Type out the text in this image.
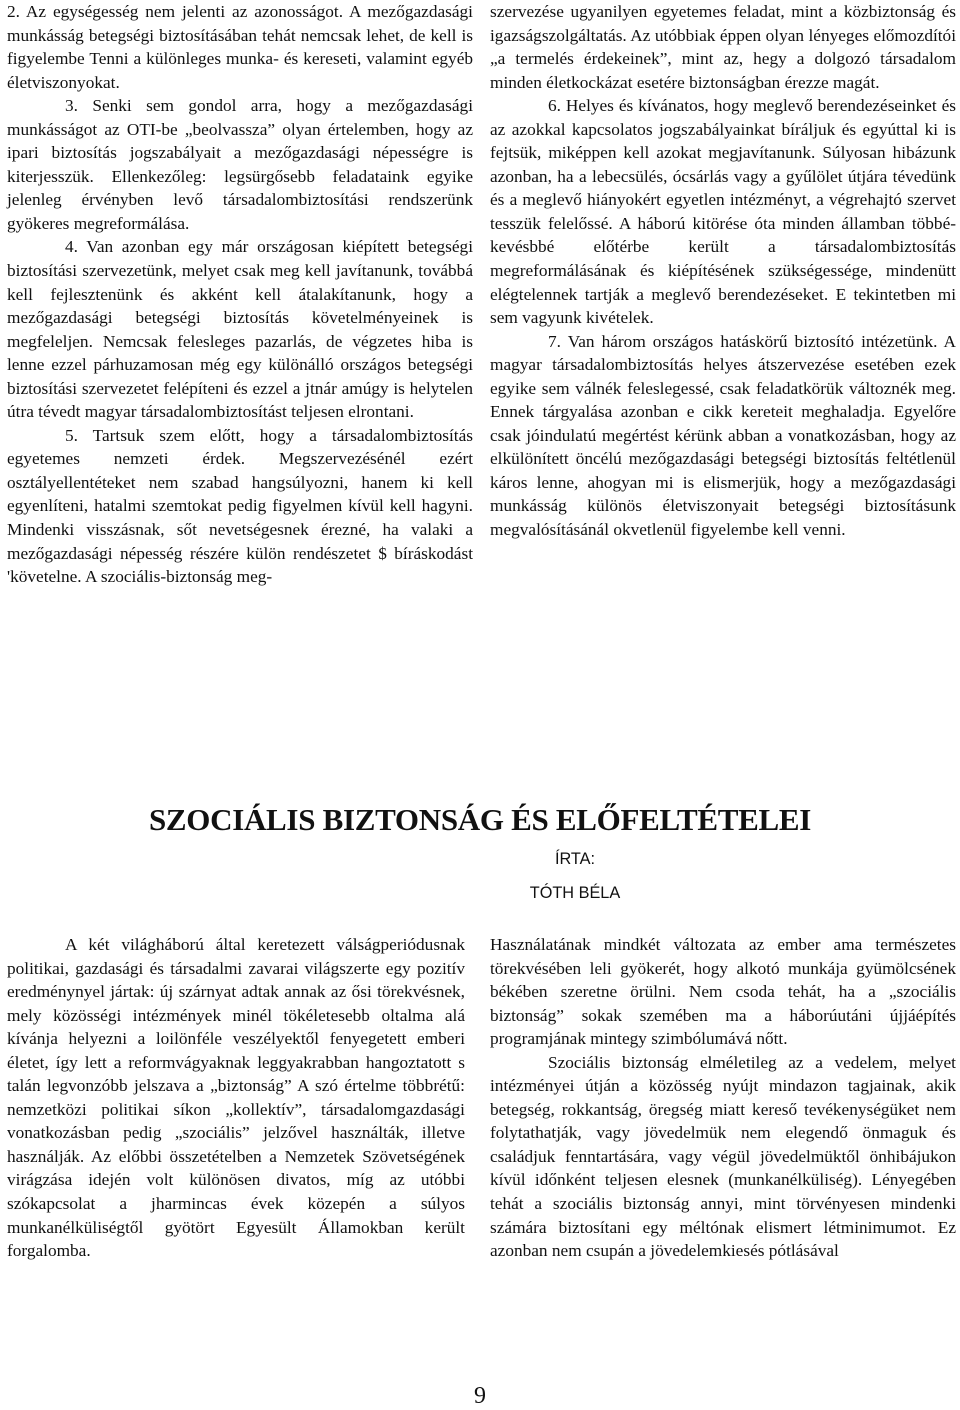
2. Az egységesség nem jelenti az azonosságot. A mezőgazdasági munkásság betegségi biztosításában tehát nemcsak lehet, de kell is figyelembe Tenni a különleges munka- és kereseti, valamint egyéb életviszonyokat.

3. Senki sem gondol arra, hogy a mezőgazdasági munkásságot az OTI-be „beolvassza” olyan értelemben, hogy az ipari biztosítás jogszabályait a mezőgazdasági népességre is kiterjesszük. Ellenkezőleg: legsürgősebb feladataink egyike jelenleg érvényben levő társadalombiztosítási rendszerünk gyökeres megreformálása.

4. Van azonban egy már országosan kiépített betegségi biztosítási szervezetünk, melyet csak meg kell javítanunk, továbbá kell fejlesztenünk és akként kell átalakítanunk, hogy a mezőgazdasági betegségi biztosítás követelményeinek is megfeleljen. Nemcsak felesleges pazarlás, de végzetes hiba is lenne ezzel párhuzamosan még egy különálló országos betegségi biztosítási szervezetet felépíteni és ezzel a jtnár amúgy is helytelen útra tévedt magyar társadalombiztosítást teljesen elrontani.

5. Tartsuk szem előtt, hogy a társadalombiztosítás egyetemes nemzeti érdek. Megszervezésénél ezért osztályellentéteket nem szabad hangsúlyozni, hanem ki kell egyenlíteni, hatalmi szemtokat pedig figyelmen kívül kell hagyni. Mindenki visszásnak, sőt nevetségesnek érezné, ha valaki a mezőgazdasági népesség részére külön rendészetet $ bíráskodást 'követelne. A szociális-biztonság meg-

szervezése ugyanilyen egyetemes feladat, mint a közbiztonság és igazságszolgáltatás. Az utóbbiak éppen olyan lényeges előmozdítói „a termelés érdekeinek”, mint az, hegy a dolgozó társadalom minden életkockázat esetére biztonságban érezze magát.

6. Helyes és kívánatos, hogy meglevő berendezéseinket és az azokkal kapcsolatos jogszabályainkat bíráljuk és egyúttal ki is fejtsük, miképpen kell azokat megjavítanunk. Súlyosan hibázunk azonban, ha a lebecsülés, ócsárlás vagy a gyűlölet útjára tévedünk és a meglevő hiányokért egyetlen intézményt, a végrehajtó szervet tesszük felelőssé. A háború kitörése óta minden államban többé-kevésbbé előtérbe került a társadalombiztosítás megreformálásának és kiépítésének szükségessége, mindenütt elégtelennek tartják a meglevő berendezéseket. E tekintetben mi sem vagyunk kivételek.

7. Van három országos hatáskörű biztosító intézetünk. A magyar társadalombiztosítás helyes átszervezése esetében ezek egyike sem válnék feleslegessé, csak feladatkörük változnék meg. Ennek tárgyalása azonban e cikk kereteit meghaladja. Egyelőre csak jóindulatú megértést kérünk abban a vonatkozásban, hogy az elkülönített öncélú mezőgazdasági betegségi biztosítás feltétlenül káros lenne, ahogyan mi is elismerjük, hogy a mezőgazdasági munkásság különös életviszonyait betegségi biztosításunk megvalósításánál okvetlenül figyelembe kell venni.

SZOCIÁLIS BIZTONSÁG ÉS ELŐFELTÉTELEI
ÍRTA:
TÓTH BÉLA

A két világháború által keretezett válságperiódusnak politikai, gazdasági és társadalmi zavarai világszerte egy pozitív eredménynyel jártak: új szárnyat adtak annak az ősi törekvésnek, mely közösségi intézmények minél tökéletesebb oltalma alá kívánja helyezni a loilönféle veszélyektől fenyegetett emberi életet, így lett a reformvágyaknak leggyakrabban hangoztatott s talán legvonzóbb jelszava a „biztonság” A szó értelme többrétű: nemzetközi politikai síkon „kollektív”, társadalomgazdasági vonatkozásban pedig „szociális” jelzővel használták, illetve használják. Az előbbi összetételben a Nemzetek Szövetségének virágzása idején volt különösen divatos, míg az utóbbi szókapcsolat a jharmincas évek közepén a súlyos munkanélküliségtől gyötört Egyesült Államokban került forgalomba.

Használatának mindkét változata az ember ama természetes törekvésében leli gyökerét, hogy alkotó munkája gyümölcsének békében szeretne örülni. Nem csoda tehát, ha a „szociális biztonság” sokak szemében ma a háborúutáni újjáépítés programjának mintegy szimbólumává nőtt.

Szociális biztonság elméletileg az a vedelem, melyet intézményei útján a közösség nyújt mindazon tagjainak, akik betegség, rokkantság, öregség miatt kereső tevékenységüket nem folytathatják, vagy jövedelmük nem elegendő önmaguk és családjuk fenntartására, vagy végül jövedelmüktől önhibájukon kívül időnként teljesen elesnek (munkanélküliség). Lényegében tehát a szociális biztonság annyi, mint törvényesen mindenki számára biztosítani egy méltónak elismert létminimumot. Ez azonban nem csupán a jövedelemkiesés pótlásával

9
